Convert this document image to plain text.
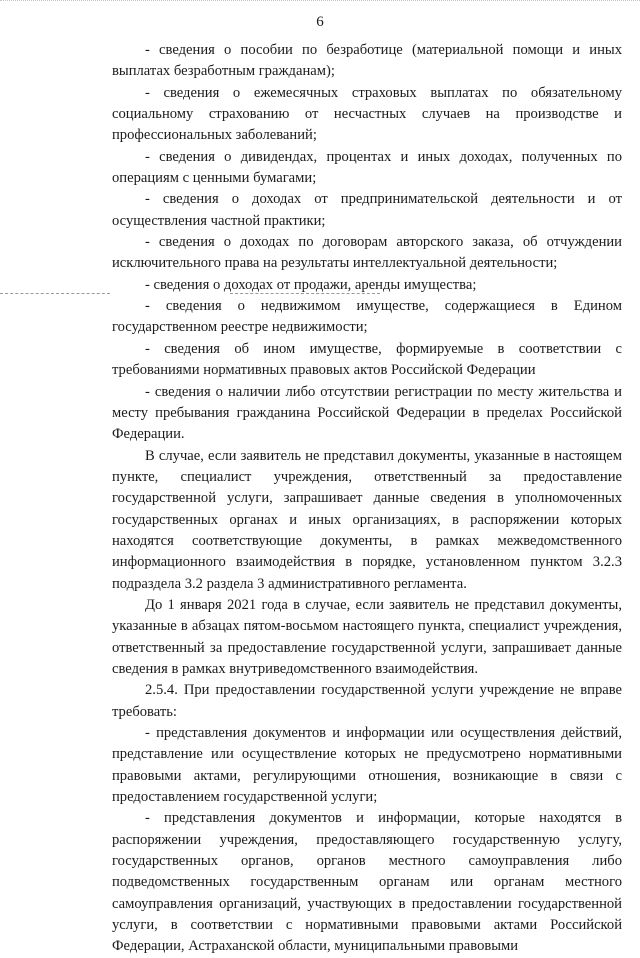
6

- сведения о пособии по безработице (материальной помощи и иных выплатах безработным гражданам);

- сведения о ежемесячных страховых выплатах по обязательному социальному страхованию от несчастных случаев на производстве и профессиональных заболеваний;

- сведения о дивидендах, процентах и иных доходах, полученных по операциям с ценными бумагами;

- сведения о доходах от предпринимательской деятельности и от осуществления частной практики;

- сведения о доходах по договорам авторского заказа, об отчуждении исключительного права на результаты интеллектуальной деятельности;

- сведения о доходах от продажи, аренды имущества;

- сведения о недвижимом имуществе, содержащиеся в Едином государственном реестре недвижимости;

- сведения об ином имуществе, формируемые в соответствии с требованиями нормативных правовых актов Российской Федерации

- сведения о наличии либо отсутствии регистрации по месту жительства и месту пребывания гражданина Российской Федерации в пределах Российской Федерации.

В случае, если заявитель не представил документы, указанные в настоящем пункте, специалист учреждения, ответственный за предоставление государственной услуги, запрашивает данные сведения в уполномоченных государственных органах и иных организациях, в распоряжении которых находятся соответствующие документы, в рамках межведомственного информационного взаимодействия в порядке, установленном пунктом 3.2.3 подраздела 3.2 раздела 3 административного регламента.

До 1 января 2021 года в случае, если заявитель не представил документы, указанные в абзацах пятом-восьмом настоящего пункта, специалист учреждения, ответственный за предоставление государственной услуги, запрашивает данные сведения в рамках внутриведомственного взаимодействия.

2.5.4. При предоставлении государственной услуги учреждение не вправе требовать:

- представления документов и информации или осуществления действий, представление или осуществление которых не предусмотрено нормативными правовыми актами, регулирующими отношения, возникающие в связи с предоставлением государственной услуги;

- представления документов и информации, которые находятся в распоряжении учреждения, предоставляющего государственную услугу, государственных органов, органов местного самоуправления либо подведомственных государственным органам или органам местного самоуправления организаций, участвующих в предоставлении государственной услуги, в соответствии с нормативными правовыми актами Российской Федерации, Астраханской области, муниципальными правовыми
